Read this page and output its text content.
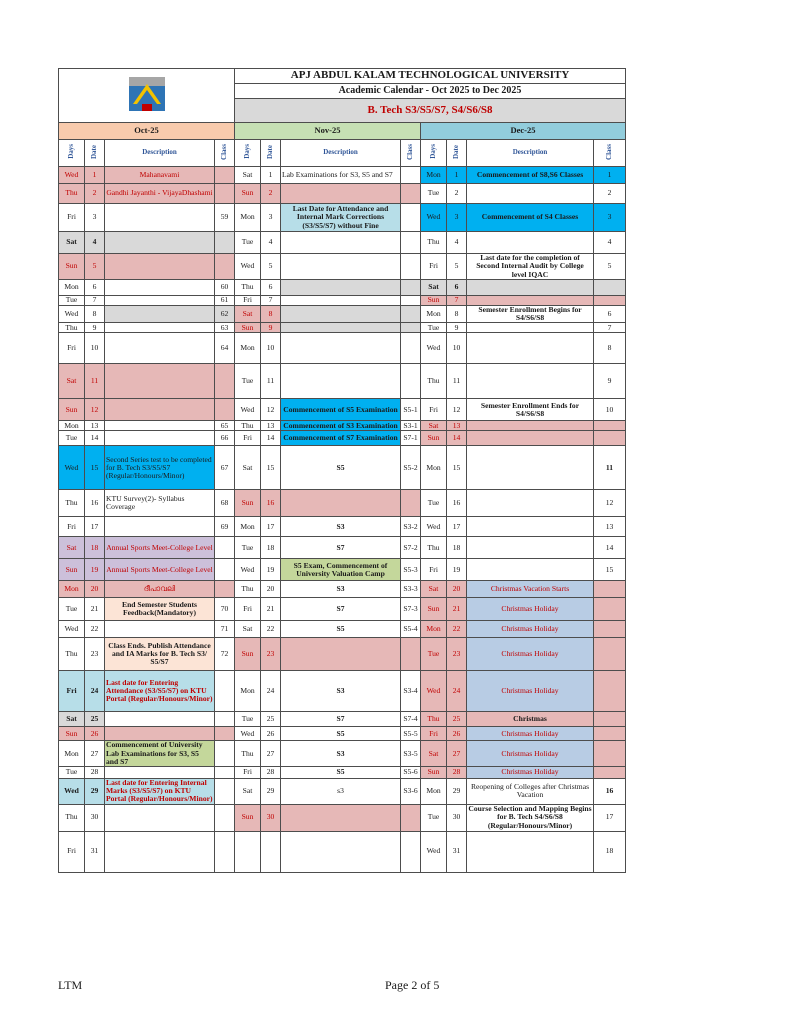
	APJ ABDUL KALAM TECHNOLOGICAL UNIVERSITY							
				Academic Calendar - Oct 2025 to Dec 2025							
				B. Tech S3/S5/S7, S4/S6/S8							
Oct-25				Nov-25				Dec-25			
Days	Date	Description	Class	Days	Date	Description	Class	Days	Date	Description	Class
Wed	1	Mahanavami		Sat	1	Lab Examinations for S3, S5 and S7		Mon	1	Commencement of S8,S6 Classes	1
Thu	2	Gandhi Jayanthi - VijayaDhashami		Sun	2			Tue	2		2
Fri	3		59	Mon	3	Last Date for Attendance and Internal Mark Corrections (S3/S5/S7) without Fine		Wed	3	Commencement of S4 Classes	3
Sat	4			Tue	4			Thu	4		4
Sun	5			Wed	5			Fri	5	Last date for the completion of Second Internal Audit by College level IQAC	5
Mon	6		60	Thu	6			Sat	6		
Tue	7		61	Fri	7			Sun	7		
Wed	8		62	Sat	8			Mon	8	Semester Enrollment Begins for S4/S6/S8	6
Thu	9		63	Sun	9			Tue	9		7
Fri	10		64	Mon	10			Wed	10		8
Sat	11			Tue	11			Thu	11		9
Sun	12			Wed	12	Commencement of S5 Examination	S5-1	Fri	12	Semester Enrollment Ends for S4/S6/S8	10
Mon	13		65	Thu	13	Commencement of S3 Examination	S3-1	Sat	13		
Tue	14		66	Fri	14	Commencement of S7 Examination	S7-1	Sun	14		
Wed	15	Second Series test to be completed for B. Tech S3/S5/S7 (Regular/Honours/Minor)	67	Sat	15	S5	S5-2	Mon	15		11
Thu	16	KTU Survey(2)- Syllabus Coverage	68	Sun	16			Tue	16		12
Fri	17		69	Mon	17	S3	S3-2	Wed	17		13
Sat	18	Annual Sports Meet-College Level		Tue	18	S7	S7-2	Thu	18		14
Sun	19	Annual Sports Meet-College Level		Wed	19	S5 Exam, Commencement of University Valuation Camp	S5-3	Fri	19		15
Mon	20	ദീപാവലി		Thu	20	S3	S3-3	Sat	20	Christmas Vacation Starts	
Tue	21	End Semester Students Feedback(Mandatory)	70	Fri	21	S7	S7-3	Sun	21	Christmas Holiday	
Wed	22		71	Sat	22	S5	S5-4	Mon	22	Christmas Holiday	
Thu	23	Class Ends. Publish Attendance and IA Marks for B. Tech S3/ S5/S7	72	Sun	23			Tue	23	Christmas Holiday	
Fri	24	Last date for Entering Attendance (S3/S5/S7) on KTU Portal (Regular/Honours/Minor)		Mon	24	S3	S3-4	Wed	24	Christmas Holiday	
Sat	25			Tue	25	S7	S7-4	Thu	25	Christmas	
Sun	26			Wed	26	S5	S5-5	Fri	26	Christmas Holiday	
Mon	27	Commencement of University Lab Examinations for S3, S5 and S7		Thu	27	S3	S3-5	Sat	27	Christmas Holiday	
Tue	28			Fri	28	S5	S5-6	Sun	28	Christmas Holiday	
Wed	29	Last date for Entering Internal Marks (S3/S5/S7) on KTU Portal (Regular/Honours/Minor)		Sat	29	s3	S3-6	Mon	29	Reopening of Colleges after Christmas Vacation	16
Thu	30			Sun	30			Tue	30	Course Selection and Mapping Begins for B. Tech S4/S6/S8 (Regular/Honours/Minor)	17
Fri	31							Wed	31		18
LTM	Page 2 of 5
